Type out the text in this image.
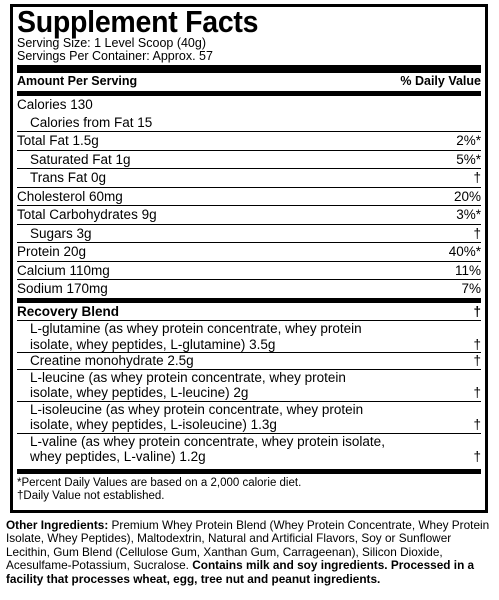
Supplement Facts
Serving Size: 1 Level Scoop (40g)
Servings Per Container: Approx. 57
Amount Per Serving	% Daily Value
Calories 130
Calories from Fat 15
Total Fat 1.5g	2%*
Saturated Fat 1g	5%*
Trans Fat 0g	†
Cholesterol 60mg	20%
Total Carbohydrates 9g	3%*
Sugars 3g	†
Protein 20g	40%*
Calcium 110mg	11%
Sodium 170mg	7%
Recovery Blend	†
L-glutamine (as whey protein concentrate, whey protein isolate, whey peptides, L-glutamine) 3.5g	†
Creatine monohydrate 2.5g	†
L-leucine (as whey protein concentrate, whey protein isolate, whey peptides, L-leucine) 2g	†
L-isoleucine (as whey protein concentrate, whey protein isolate, whey peptides, L-isoleucine) 1.3g	†
L-valine (as whey protein concentrate, whey protein isolate, whey peptides, L-valine) 1.2g	†
*Percent Daily Values are based on a 2,000 calorie diet.
†Daily Value not established.
Other Ingredients: Premium Whey Protein Blend (Whey Protein Concentrate, Whey Protein Isolate, Whey Peptides), Maltodextrin, Natural and Artificial Flavors, Soy or Sunflower Lecithin, Gum Blend (Cellulose Gum, Xanthan Gum, Carrageenan), Silicon Dioxide, Acesulfame-Potassium, Sucralose. Contains milk and soy ingredients. Processed in a facility that processes wheat, egg, tree nut and peanut ingredients.
